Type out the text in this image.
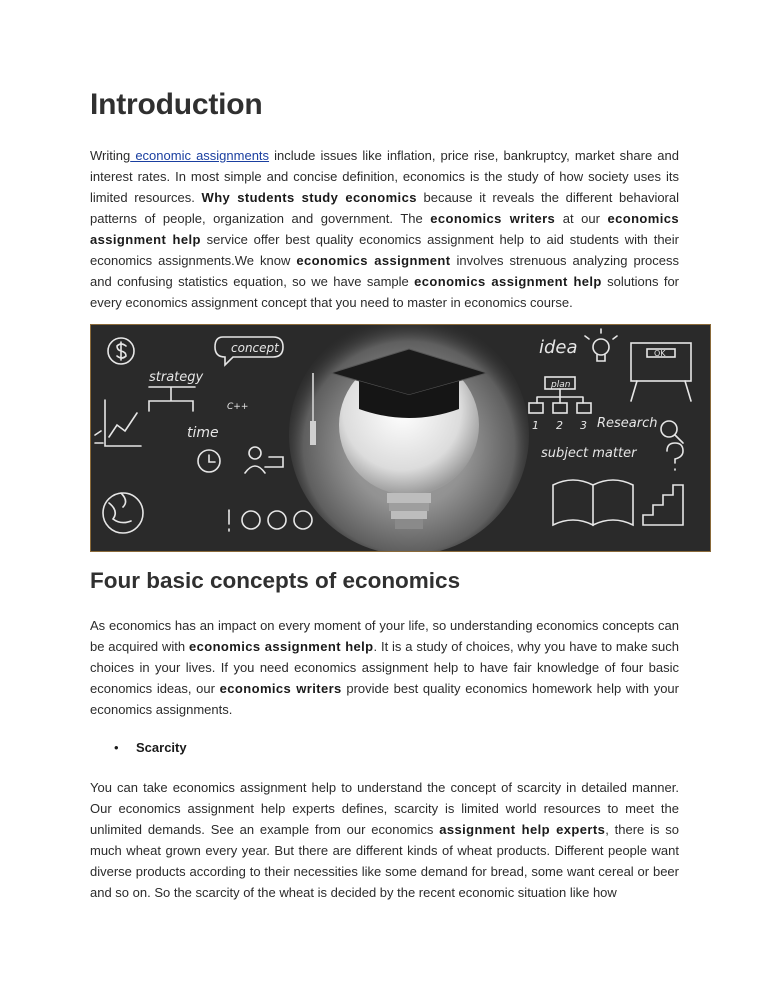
Introduction

Writing economic assignments include issues like inflation, price rise, bankruptcy, market share and interest rates. In most simple and concise definition, economics is the study of how society uses its limited resources. Why students study economics because it reveals the different behavioral patterns of people, organization and government. The economics writers at our economics assignment help service offer best quality economics assignment help to aid students with their economics assignments.We know economics assignment involves strenuous analyzing process and confusing statistics equation, so we have sample economics assignment help solutions for every economics assignment concept that you need to master in economics course.

Four basic concepts of economics

As economics has an impact on every moment of your life, so understanding economics concepts can be acquired with economics assignment help. It is a study of choices, why you have to make such choices in your lives. If you need economics assignment help to have fair knowledge of four basic economics ideas, our economics writers provide best quality economics homework help with your economics assignments.

• Scarcity

You can take economics assignment help to understand the concept of scarcity in detailed manner. Our economics assignment help experts defines, scarcity is limited world resources to meet the unlimited demands. See an example from our economics assignment help experts, there is so much wheat grown every year. But there are different kinds of wheat products. Different people want diverse products according to their necessities like some demand for bread, some want cereal or beer and so on. So the scarcity of the wheat is decided by the recent economic situation like how

concept
strategy
C++
time
idea	OK
plan
1 2 3 Research
subject matter
